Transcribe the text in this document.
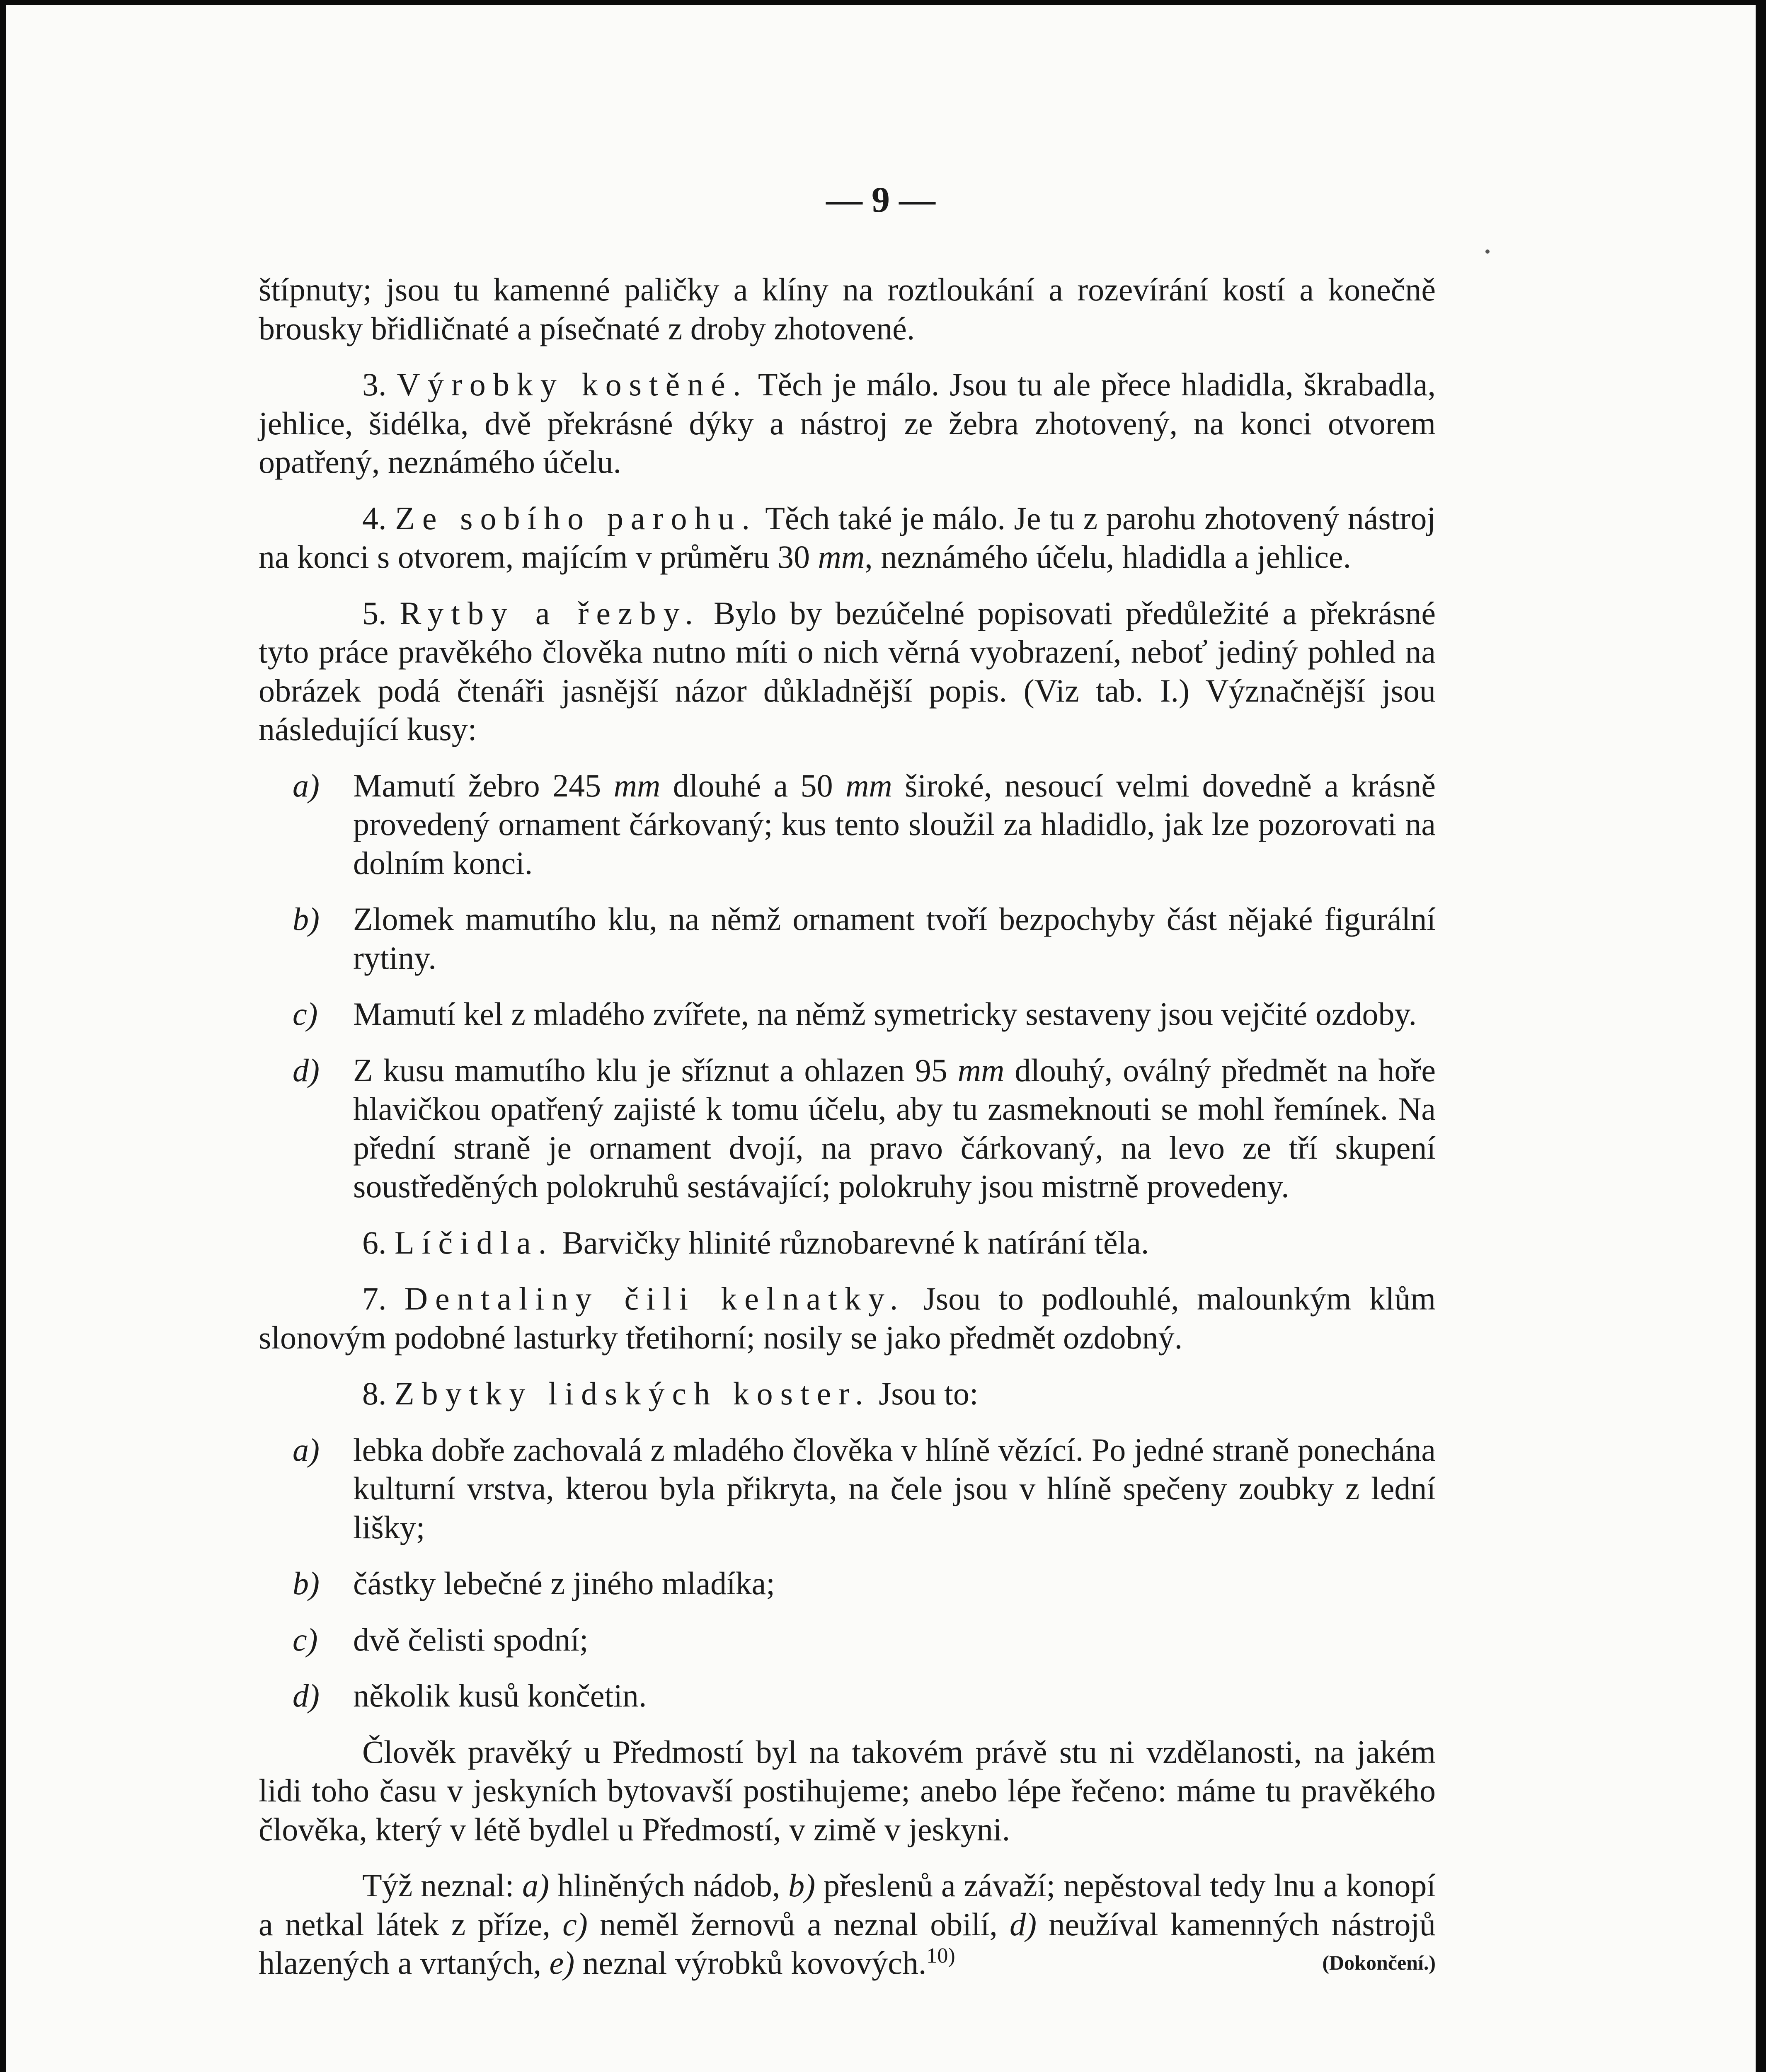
— 9 —

štípnuty; jsou tu kamenné paličky a klíny na roztloukání a rozevírání kostí a konečně brousky břidličnaté a písečnaté z droby zhotovené.

3. Výrobky kostěné. Těch je málo. Jsou tu ale přece hladidla, škrabadla, jehlice, šidélka, dvě překrásné dýky a nástroj ze žebra zhotovený, na konci otvorem opatřený, neznámého účelu.

4. Ze sobího parohu. Těch také je málo. Je tu z parohu zhotovený nástroj na konci s otvorem, majícím v průměru 30 mm, neznámého účelu, hladidla a jehlice.

5. Rytby a řezby. Bylo by bezúčelné popisovati předůležité a překrásné tyto práce pravěkého člověka nutno míti o nich věrná vyobrazení, neboť jediný pohled na obrázek podá čtenáři jasnější názor důkladnější popis. (Viz tab. I.) Význačnější jsou následující kusy:

a) Mamutí žebro 245 mm dlouhé a 50 mm široké, nesoucí velmi dovedně a krásně provedený ornament čárkovaný; kus tento sloužil za hladidlo, jak lze pozorovati na dolním konci.

b) Zlomek mamutího klu, na němž ornament tvoří bezpochyby část nějaké figurální rytiny.

c) Mamutí kel z mladého zvířete, na němž symetricky sestaveny jsou vejčité ozdoby.

d) Z kusu mamutího klu je sříznut a ohlazen 95 mm dlouhý, oválný předmět na hoře hlavičkou opatřený zajisté k tomu účelu, aby tu zasmeknouti se mohl řemínek. Na přední straně je ornament dvojí, na pravo čárkovaný, na levo ze tří skupení soustředěných polokruhů sestávající; polokruhy jsou mistrně provedeny.

6. Líčidla. Barvičky hlinité různobarevné k natírání těla.

7. Dentaliny čili kelnatky. Jsou to podlouhlé, malounkým klům slonovým podobné lasturky třetihorní; nosily se jako předmět ozdobný.

8. Zbytky lidských koster. Jsou to:

a) lebka dobře zachovalá z mladého člověka v hlíně vězící. Po jedné straně ponechána kulturní vrstva, kterou byla přikryta, na čele jsou v hlíně spečeny zoubky z lední lišky;

b) částky lebečné z jiného mladíka;

c) dvě čelisti spodní;

d) několik kusů končetin.

Člověk pravěký u Předmostí byl na takovém právě stu ni vzdělanosti, na jakém lidi toho času v jeskyních bytovavší postihujeme; anebo lépe řečeno: máme tu pravěkého člověka, který v létě bydlel u Předmostí, v zimě v jeskyni.

Týž neznal: a) hliněných nádob, b) přeslenů a závaží; nepěstoval tedy lnu a konopí a netkal látek z příze, c) neměl žernovů a neznal obilí, d) neužíval kamenných nástrojů hlazených a vrtaných, e) neznal výrobků kovových.$^{10)}$	(Dokončení.)
